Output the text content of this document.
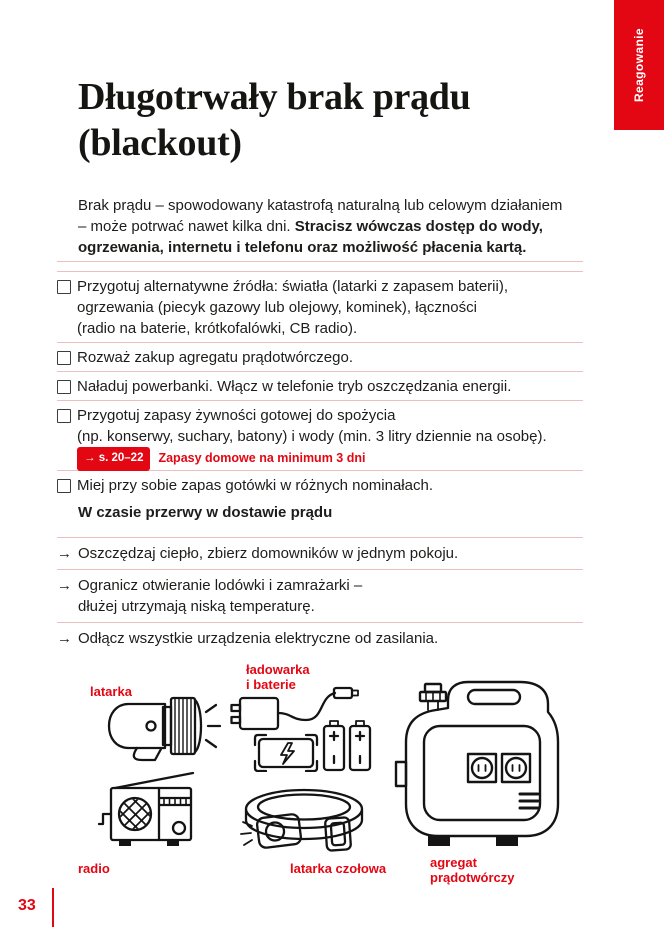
Reagowanie
Długotrwały brak prądu
(blackout)
Brak prądu – spowodowany katastrofą naturalną lub celowym działaniem
– może potrwać nawet kilka dni. Stracisz wówczas dostęp do wody,
ogrzewania, internetu i telefonu oraz możliwość płacenia kartą.
Przygotuj alternatywne źródła: światła (latarki z zapasem baterii),
ogrzewania (piecyk gazowy lub olejowy, kominek), łączności
(radio na baterie, krótkofalówki, CB radio).
Rozważ zakup agregatu prądotwórczego.
Naładuj powerbanki. Włącz w telefonie tryb oszczędzania energii.
Przygotuj zapasy żywności gotowej do spożycia
(np. konserwy, suchary, batony) i wody (min. 3 litry dziennie na osobę).
→ s. 20–22	Zapasy domowe na minimum 3 dni
Miej przy sobie zapas gotówki w różnych nominałach.
W czasie przerwy w dostawie prądu
→ Oszczędzaj ciepło, zbierz domowników w jednym pokoju.
→ Ogranicz otwieranie lodówki i zamrażarki –
dłużej utrzymają niską temperaturę.
→ Odłącz wszystkie urządzenia elektryczne od zasilania.
latarka
ładowarka
i baterie
radio	latarka czołowa	agregat
prądotwórczy
33
